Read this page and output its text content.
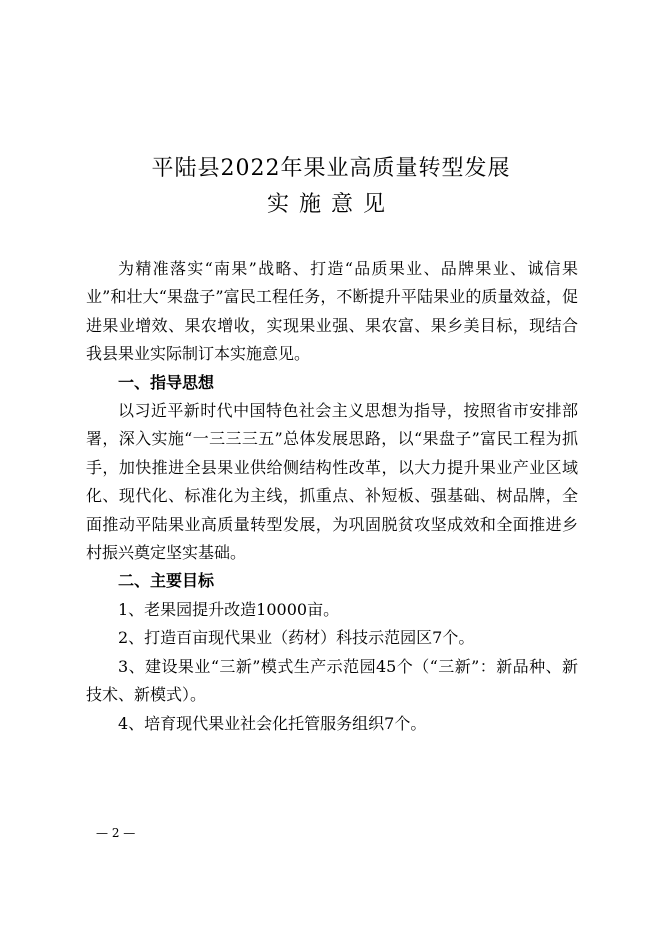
平陆县2022年果业高质量转型发展
实施意见

为精准落实“南果”战略、打造“品质果业、品牌果业、诚信果业”和壮大“果盘子”富民工程任务，不断提升平陆果业的质量效益，促进果业增效、果农增收，实现果业强、果农富、果乡美目标，现结合我县果业实际制订本实施意见。

一、指导思想

以习近平新时代中国特色社会主义思想为指导，按照省市安排部署，深入实施“一三三三五”总体发展思路，以“果盘子”富民工程为抓手，加快推进全县果业供给侧结构性改革，以大力提升果业产业区域化、现代化、标准化为主线，抓重点、补短板、强基础、树品牌，全面推动平陆果业高质量转型发展，为巩固脱贫攻坚成效和全面推进乡村振兴奠定坚实基础。

二、主要目标

1、老果园提升改造10000亩。

2、打造百亩现代果业（药材）科技示范园区7个。

3、建设果业“三新”模式生产示范园45个（“三新”：新品种、新技术、新模式）。

4、培育现代果业社会化托管服务组织7个。

— 2 —
